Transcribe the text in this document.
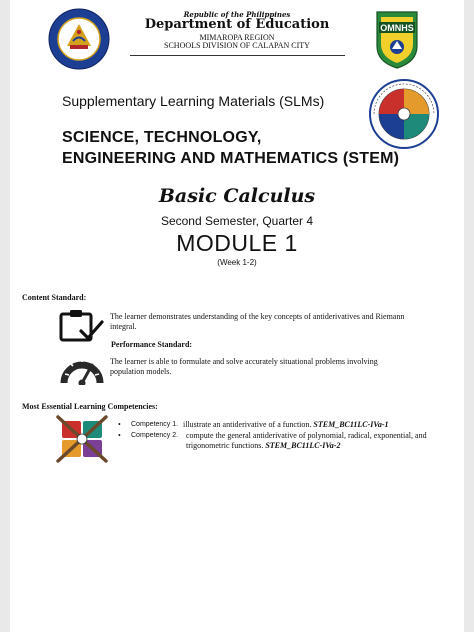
Republic of the Philippines
Department of Education
MIMAROPA REGION
SCHOOLS DIVISION OF CALAPAN CITY
OMNHS
Supplementary Learning Materials (SLMs)
SCIENCE, TECHNOLOGY,
ENGINEERING AND MATHEMATICS (STEM)
Basic Calculus
Second Semester, Quarter 4
MODULE 1
(Week 1-2)
Content Standard:
The learner demonstrates understanding of the key concepts of antiderivatives and Riemann
integral.
Performance Standard:
The learner is able to formulate and solve accurately situational problems involving
population models.
Most Essential Learning Competencies:
• Competency 1. illustrate an antiderivative of a function. STEM_BC11LC-IVa-1
• Competency 2. compute the general antiderivative of polynomial, radical, exponential, and
trigonometric functions. STEM_BC11LC-IVa-2
